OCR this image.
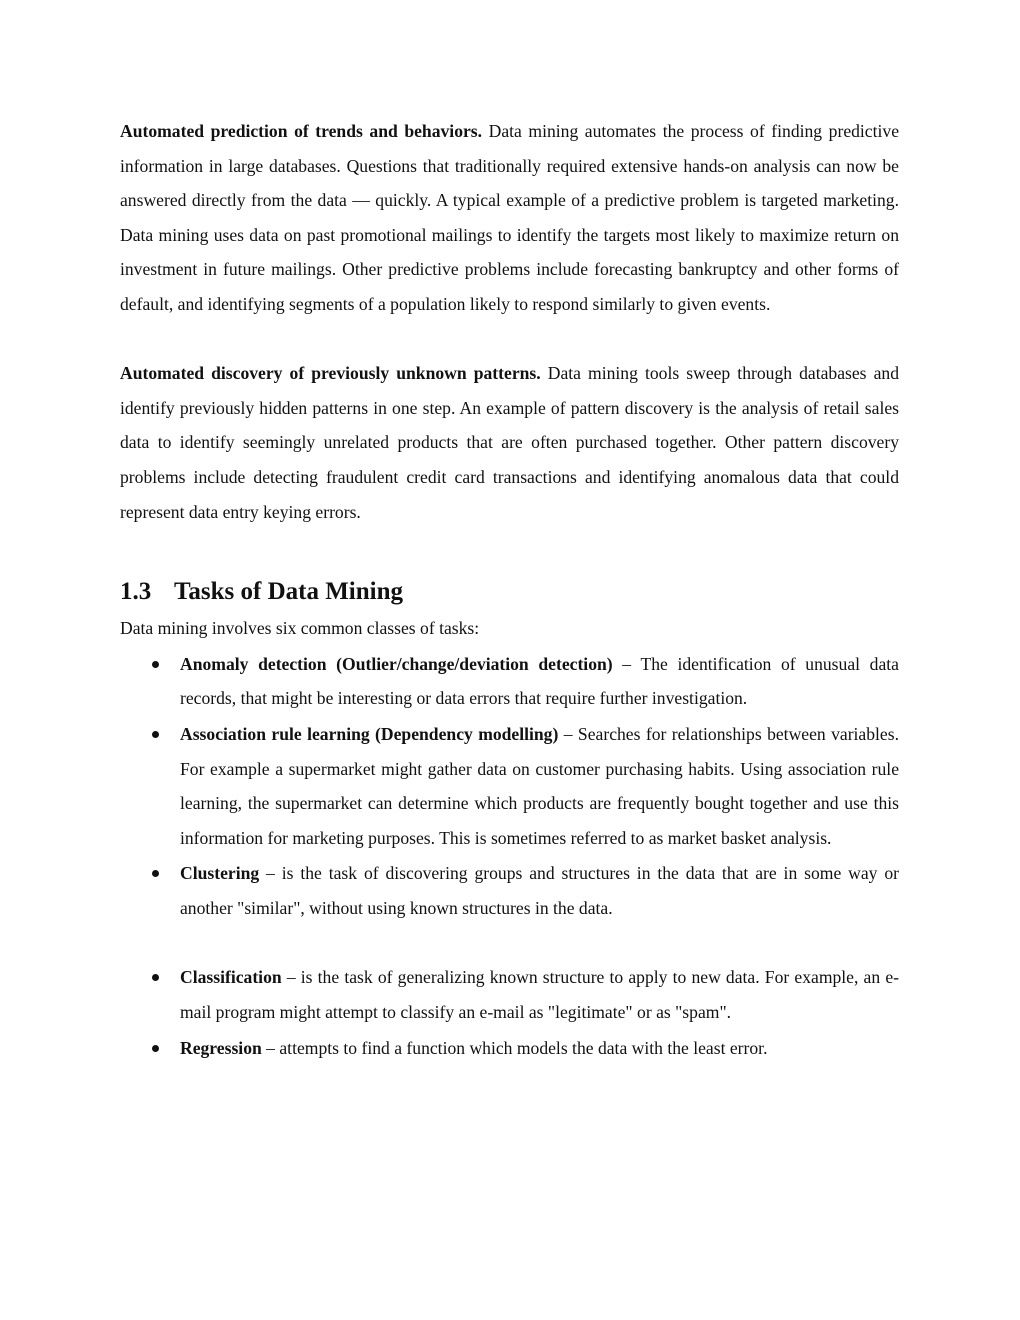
Automated prediction of trends and behaviors. Data mining automates the process of finding predictive information in large databases. Questions that traditionally required extensive hands-on analysis can now be answered directly from the data — quickly. A typical example of a predictive problem is targeted marketing. Data mining uses data on past promotional mailings to identify the targets most likely to maximize return on investment in future mailings. Other predictive problems include forecasting bankruptcy and other forms of default, and identifying segments of a population likely to respond similarly to given events.

Automated discovery of previously unknown patterns. Data mining tools sweep through databases and identify previously hidden patterns in one step. An example of pattern discovery is the analysis of retail sales data to identify seemingly unrelated products that are often purchased together. Other pattern discovery problems include detecting fraudulent credit card transactions and identifying anomalous data that could represent data entry keying errors.

1.3 Tasks of Data Mining

Data mining involves six common classes of tasks:

Anomaly detection (Outlier/change/deviation detection) – The identification of unusual data records, that might be interesting or data errors that require further investigation.
Association rule learning (Dependency modelling) – Searches for relationships between variables. For example a supermarket might gather data on customer purchasing habits. Using association rule learning, the supermarket can determine which products are frequently bought together and use this information for marketing purposes. This is sometimes referred to as market basket analysis.
Clustering – is the task of discovering groups and structures in the data that are in some way or another "similar", without using known structures in the data.
Classification – is the task of generalizing known structure to apply to new data. For example, an e-mail program might attempt to classify an e-mail as "legitimate" or as "spam".
Regression – attempts to find a function which models the data with the least error.
